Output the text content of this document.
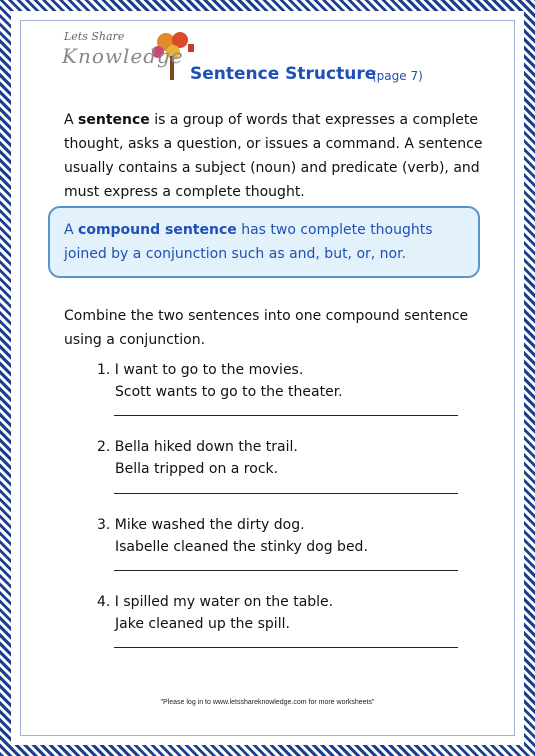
Lets Share
Knowledge
Sentence Structure
(page 7)
A sentence is a group of words that expresses a complete thought, asks a question, or issues a command. A sentence usually contains a subject (noun) and predicate (verb), and must express a complete thought.
A compound sentence has two complete thoughts joined by a conjunction such as and, but, or, nor.
Combine the two sentences into one compound sentence using a conjunction.
1. I want to go to the movies.
Scott wants to go to the theater.
2. Bella hiked down the trail.
Bella tripped on a rock.
3. Mike washed the dirty dog.
Isabelle cleaned the stinky dog bed.
4. I spilled my water on the table.
Jake cleaned up the spill.
"Please log in to www.letsshareknowledge.com for more worksheets"
